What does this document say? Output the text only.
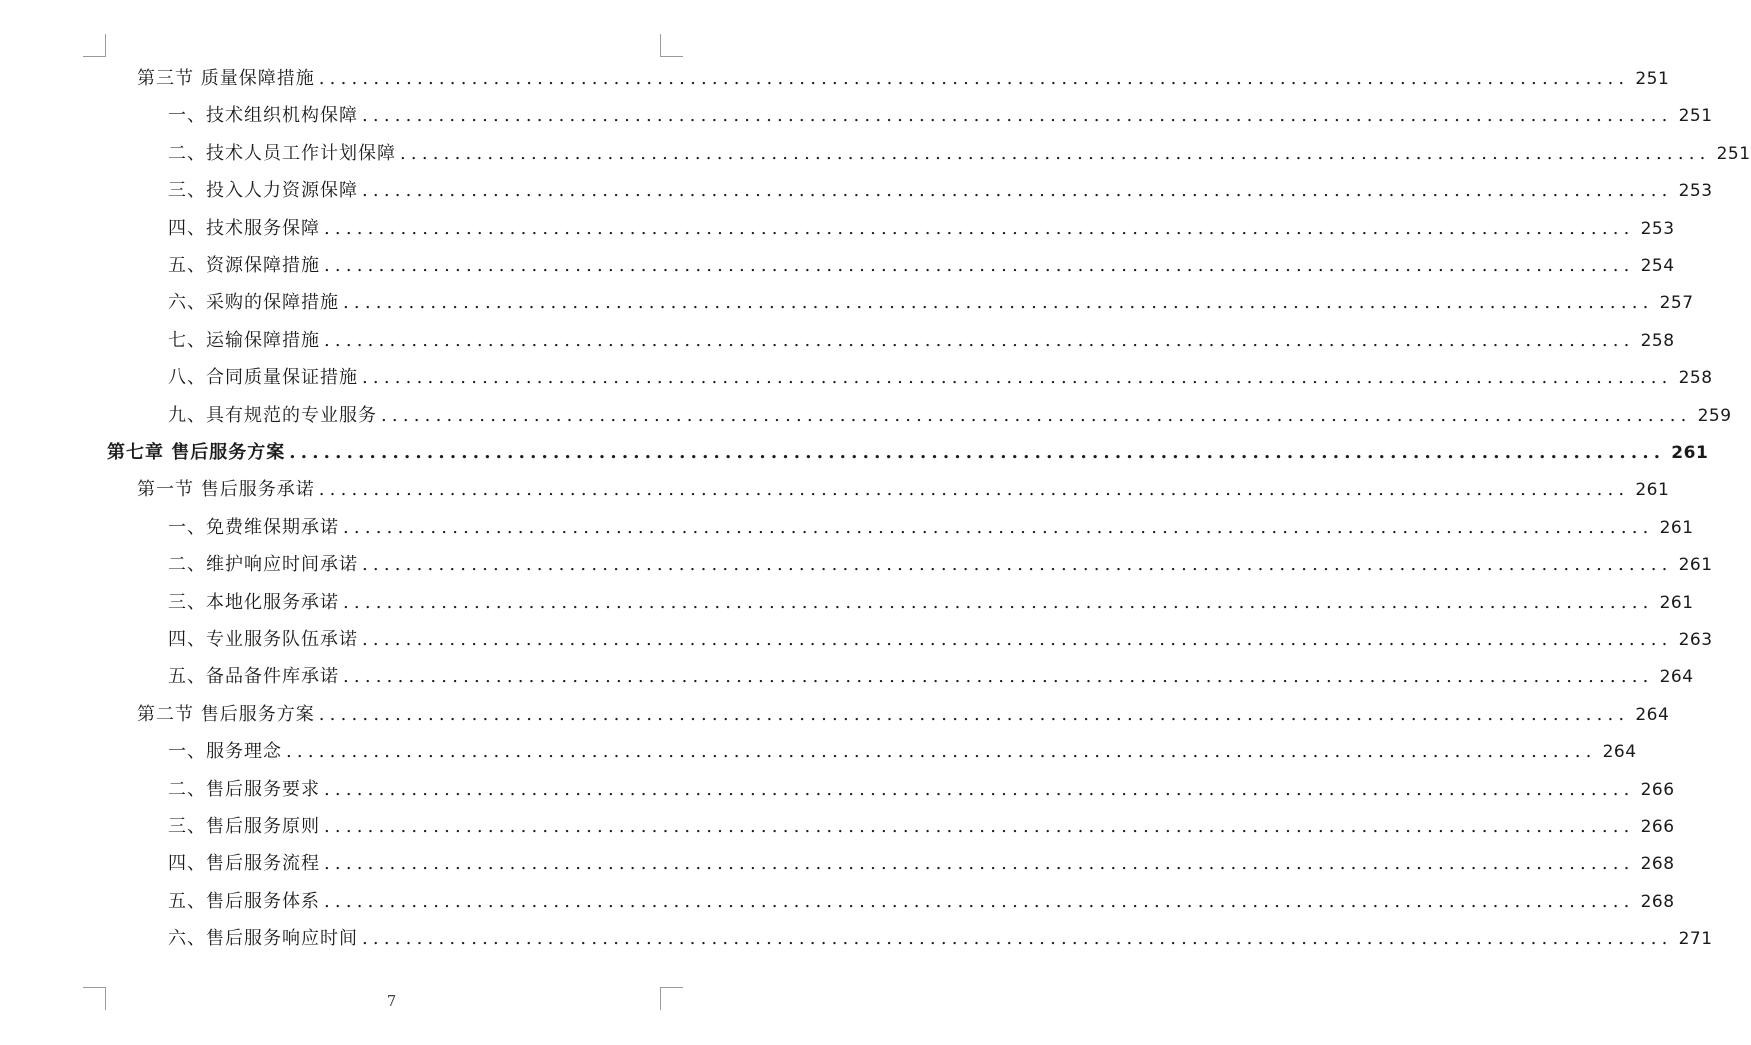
第三节 质量保障措施 ........................................................................................................................ 251
一、技术组织机构保障 ........................................................................................................................ 251
二、技术人员工作计划保障 ........................................................................................................................ 251
三、投入人力资源保障 ........................................................................................................................ 253
四、技术服务保障 ........................................................................................................................ 253
五、资源保障措施 ........................................................................................................................ 254
六、采购的保障措施 ........................................................................................................................ 257
七、运输保障措施 ........................................................................................................................ 258
八、合同质量保证措施 ........................................................................................................................ 258
九、具有规范的专业服务 ........................................................................................................................ 259
第七章 售后服务方案 ........................................................................................................................ 261
第一节 售后服务承诺 ........................................................................................................................ 261
一、免费维保期承诺 ........................................................................................................................ 261
二、维护响应时间承诺 ........................................................................................................................ 261
三、本地化服务承诺 ........................................................................................................................ 261
四、专业服务队伍承诺 ........................................................................................................................ 263
五、备品备件库承诺 ........................................................................................................................ 264
第二节 售后服务方案 ........................................................................................................................ 264
一、服务理念 ........................................................................................................................ 264
二、售后服务要求 ........................................................................................................................ 266
三、售后服务原则 ........................................................................................................................ 266
四、售后服务流程 ........................................................................................................................ 268
五、售后服务体系 ........................................................................................................................ 268
六、售后服务响应时间 ........................................................................................................................ 271
7
